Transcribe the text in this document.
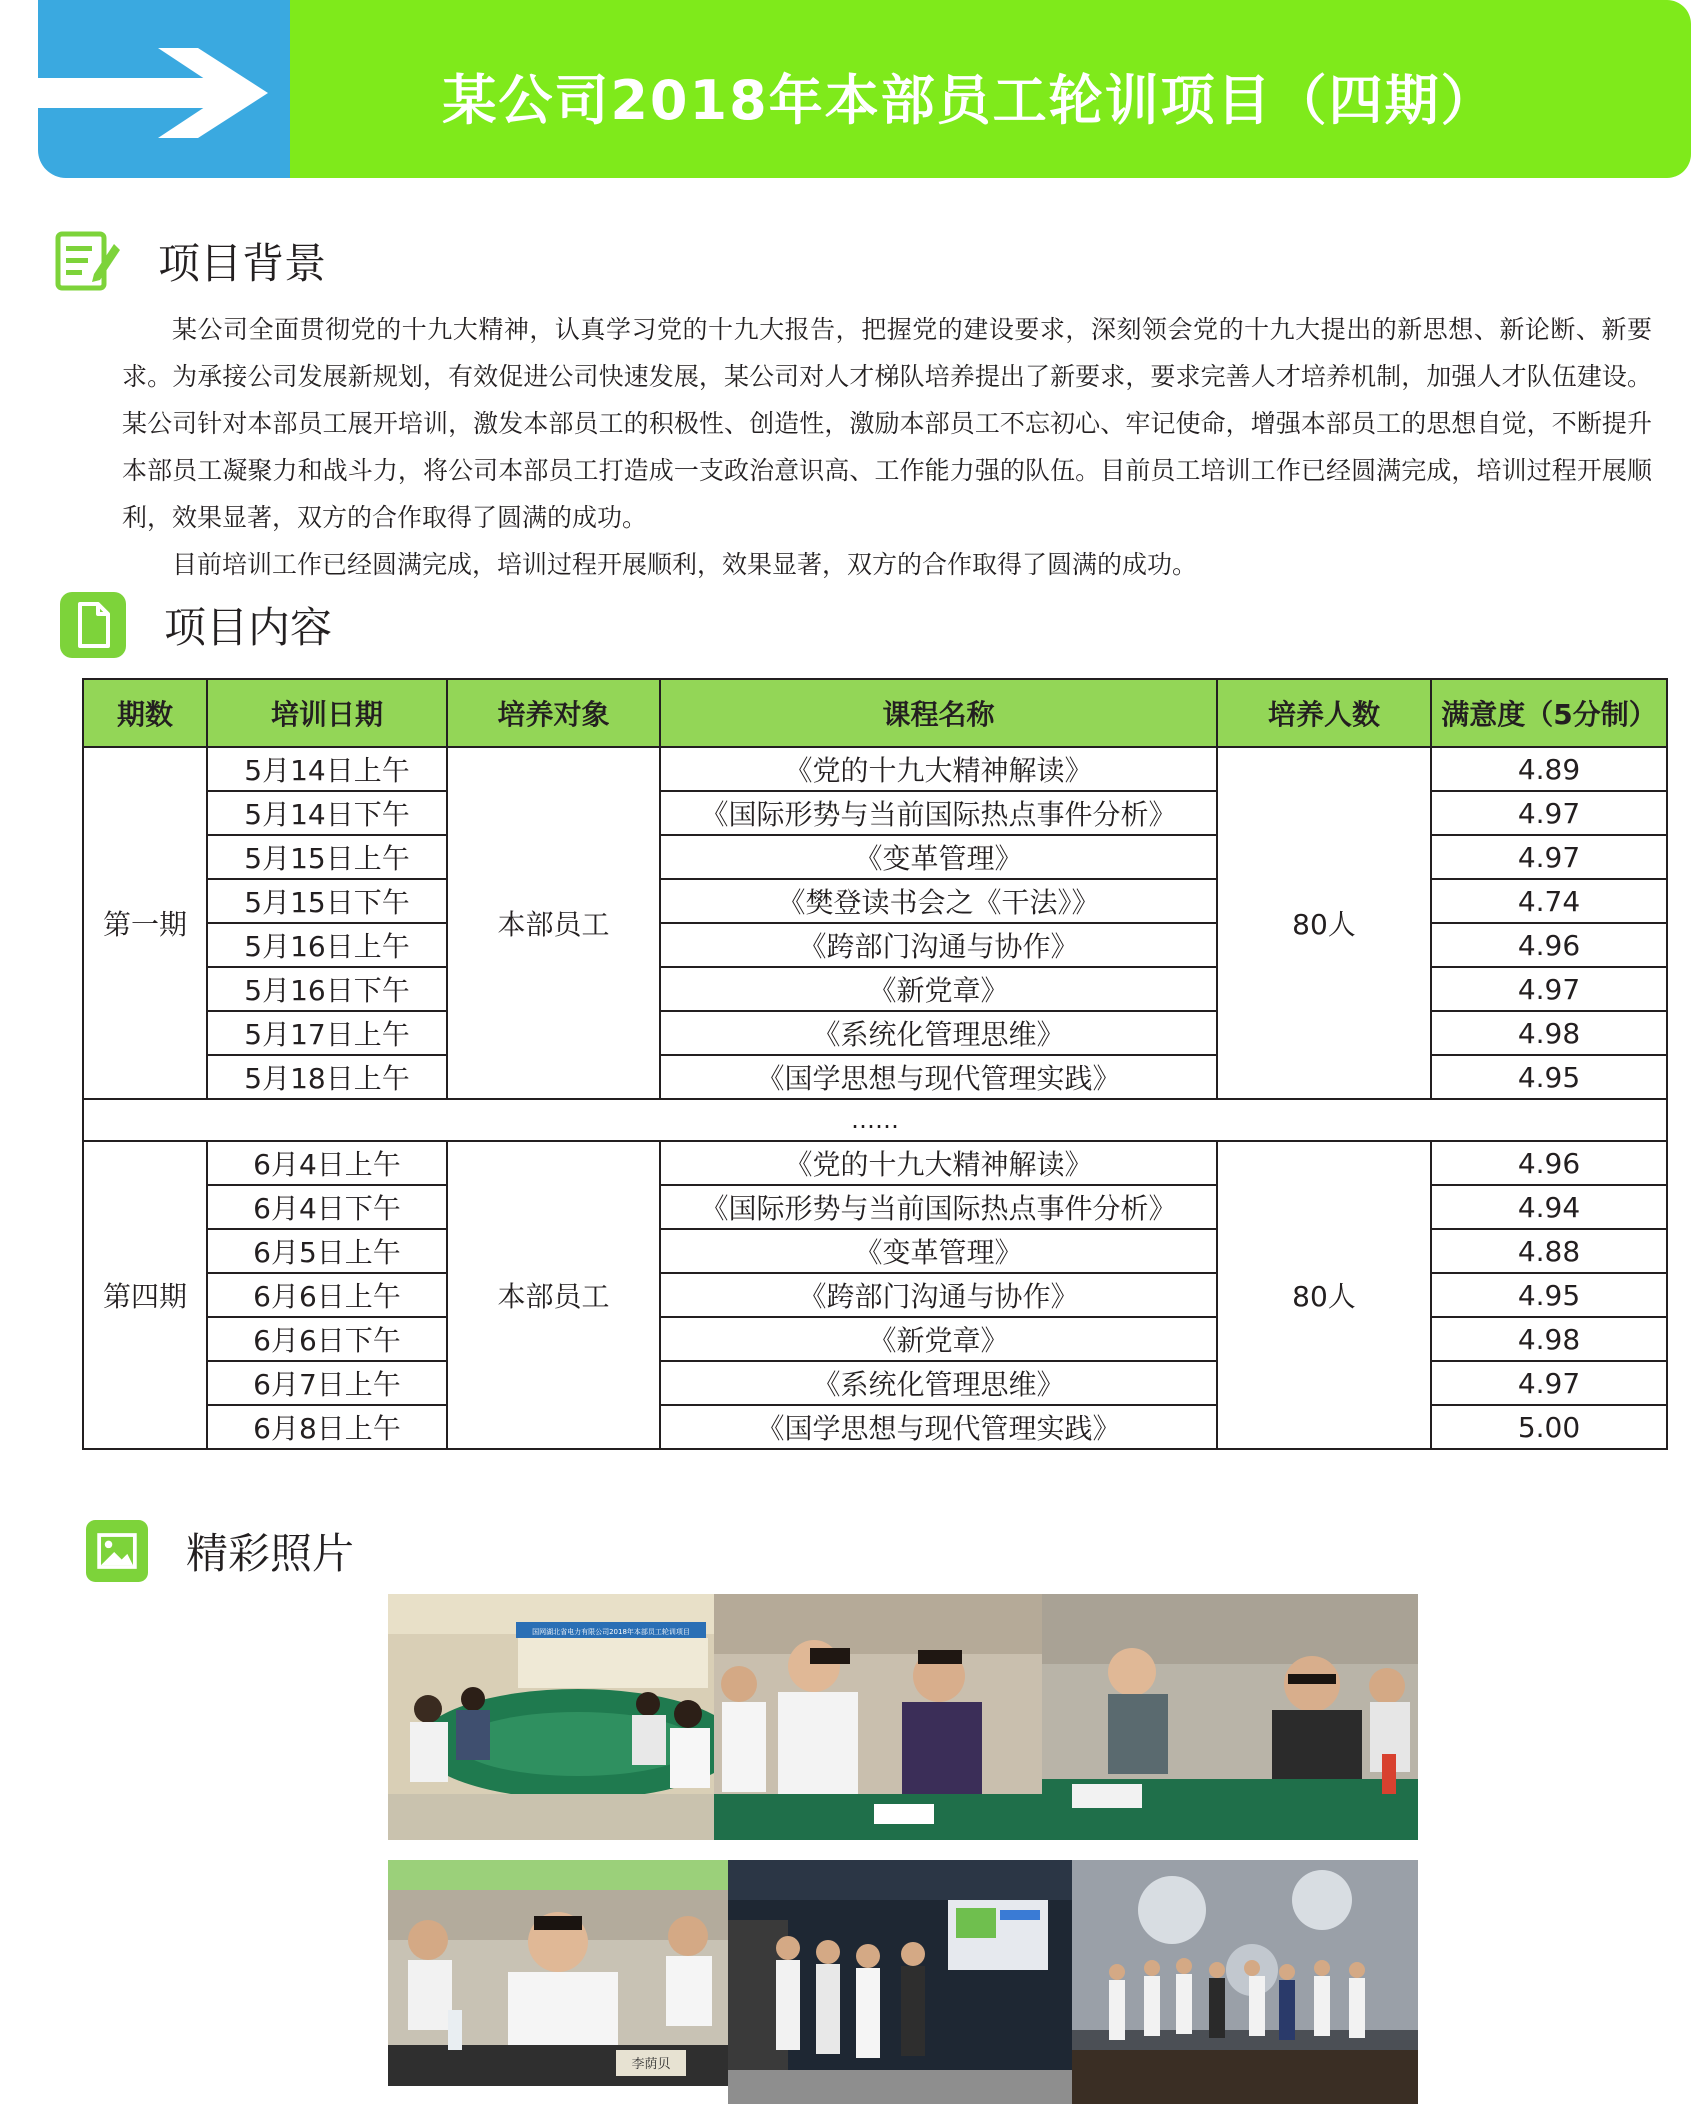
某公司2018年本部员工轮训项目（四期）
项目背景

某公司全面贯彻党的十九大精神，认真学习党的十九大报告，把握党的建设要求，深刻领会党的十九大提出的新思想、新论断、新要求。为承接公司发展新规划，有效促进公司快速发展，某公司对人才梯队培养提出了新要求，要求完善人才培养机制，加强人才队伍建设。某公司针对本部员工展开培训，激发本部员工的积极性、创造性，激励本部员工不忘初心、牢记使命，增强本部员工的思想自觉，不断提升本部员工凝聚力和战斗力，将公司本部员工打造成一支政治意识高、工作能力强的队伍。目前员工培训工作已经圆满完成，培训过程开展顺利，效果显著，双方的合作取得了圆满的成功。

目前培训工作已经圆满完成，培训过程开展顺利，效果显著，双方的合作取得了圆满的成功。

项目内容
期数	培训日期	培养对象	课程名称	培养人数	满意度（5分制）
第一期	5月14日上午	本部员工	《党的十九大精神解读》	80人	4.89
	5月14日下午		《国际形势与当前国际热点事件分析》		4.97
	5月15日上午		《变革管理》		4.97
	5月15日下午		《樊登读书会之《干法》》		4.74
	5月16日上午		《跨部门沟通与协作》		4.96
	5月16日下午		《新党章》		4.97
	5月17日上午		《系统化管理思维》		4.98
	5月18日上午		《国学思想与现代管理实践》		4.95
……					
第四期	6月4日上午	本部员工	《党的十九大精神解读》	80人	4.96
	6月4日下午		《国际形势与当前国际热点事件分析》		4.94
	6月5日上午		《变革管理》		4.88
	6月6日上午		《跨部门沟通与协作》		4.95
	6月6日下午		《新党章》		4.98
	6月7日上午		《系统化管理思维》		4.97
	6月8日上午		《国学思想与现代管理实践》		5.00
精彩照片
国网湖北省电力有限公司2018年本部员工轮训项目
李荫贝
